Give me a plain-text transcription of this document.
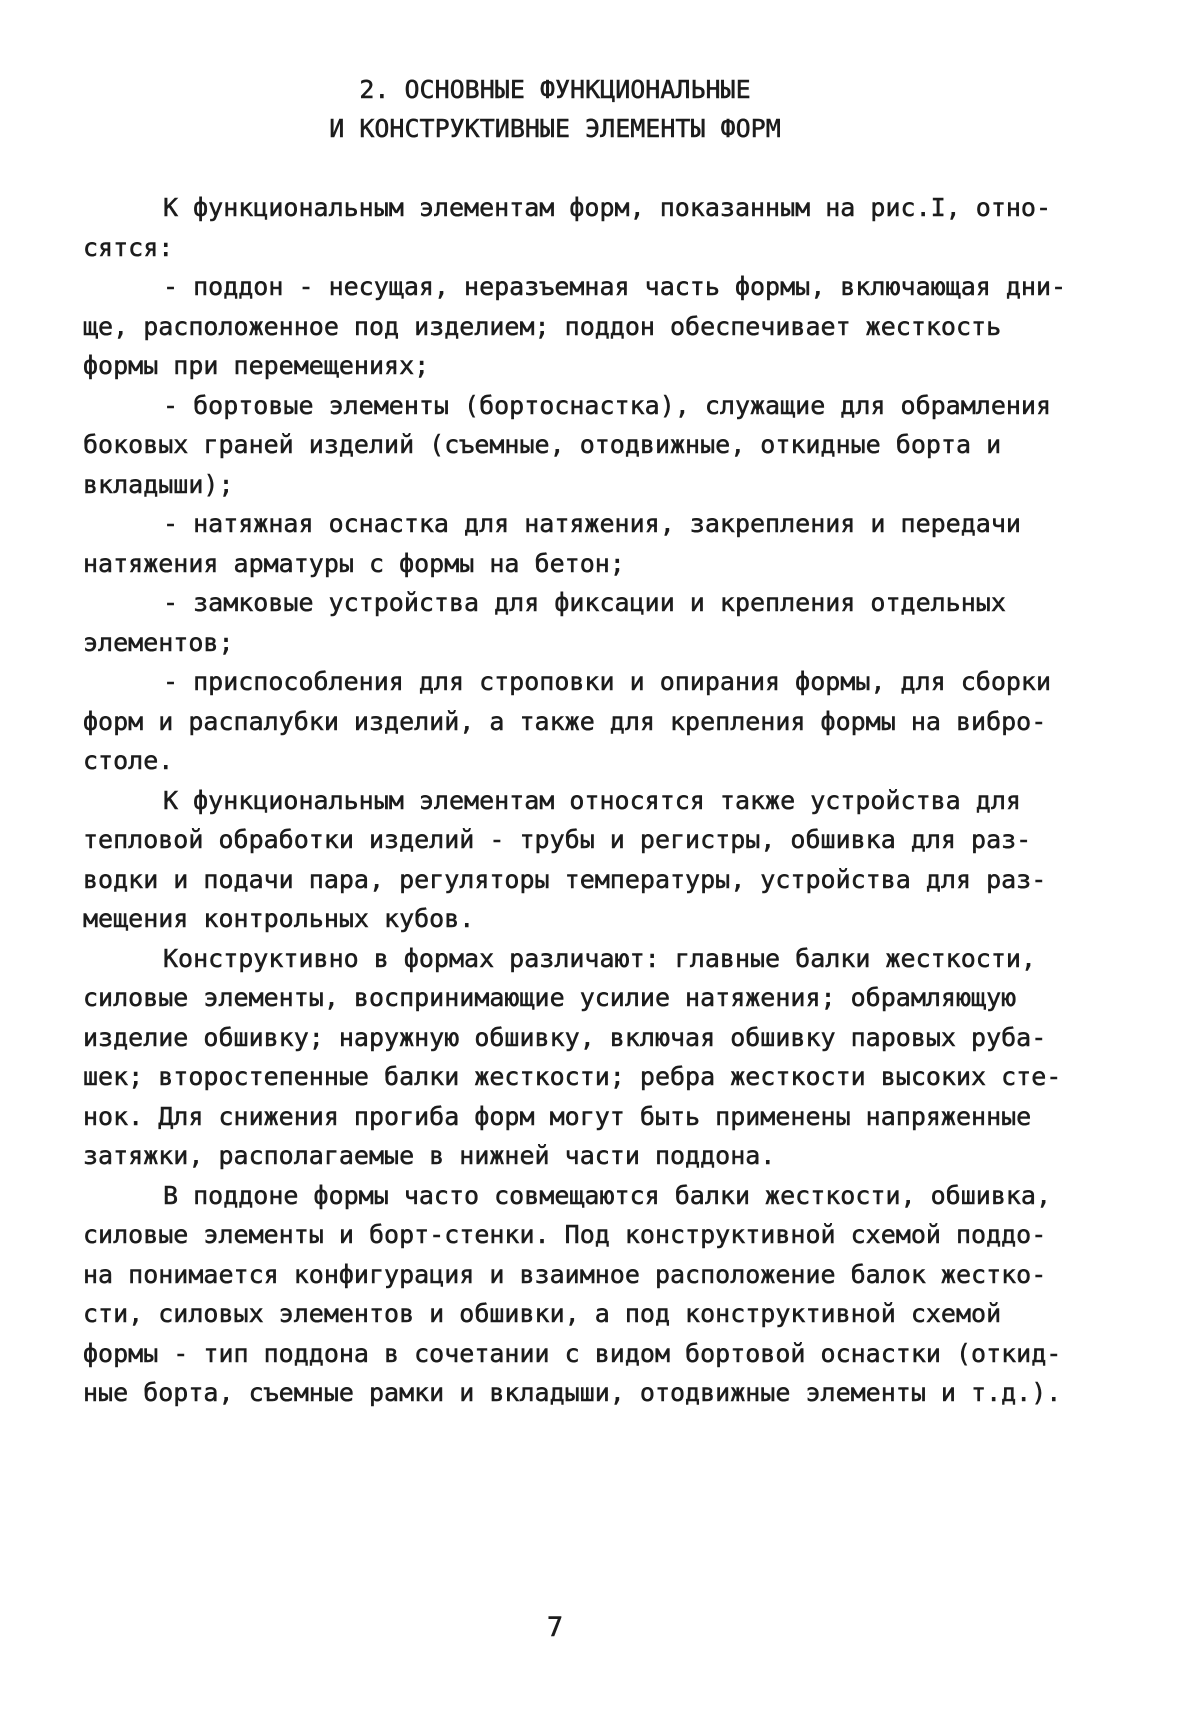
2. ОСНОВНЫЕ ФУНКЦИОНАЛЬНЫЕ
И КОНСТРУКТИВНЫЕ ЭЛЕМЕНТЫ ФОРМ

К функциональным элементам форм, показанным на рис.I, отно-
сятся:

- поддон - несущая, неразъемная часть формы, включающая дни-
ще, расположенное под изделием; поддон обеспечивает жесткость
формы при перемещениях;

- бортовые элементы (бортоснастка), служащие для обрамления
боковых граней изделий (съемные, отодвижные, откидные борта и
вкладыши);

- натяжная оснастка для натяжения, закрепления и передачи
натяжения арматуры с формы на бетон;

- замковые устройства для фиксации и крепления отдельных
элементов;

- приспособления для строповки и опирания формы, для сборки
форм и распалубки изделий, а также для крепления формы на вибро-
столе.

К функциональным элементам относятся также устройства для
тепловой обработки изделий - трубы и регистры, обшивка для раз-
водки и подачи пара, регуляторы температуры, устройства для раз-
мещения контрольных кубов.

Конструктивно в формах различают: главные балки жесткости,
силовые элементы, воспринимающие усилие натяжения; обрамляющую
изделие обшивку; наружную обшивку, включая обшивку паровых руба-
шек; второстепенные балки жесткости; ребра жесткости высоких сте-
нок. Для снижения прогиба форм могут быть применены напряженные
затяжки, располагаемые в нижней части поддона.

В поддоне формы часто совмещаются балки жесткости, обшивка,
силовые элементы и борт-стенки. Под конструктивной схемой поддо-
на понимается конфигурация и взаимное расположение балок жестко-
сти, силовых элементов и обшивки, а под конструктивной схемой
формы - тип поддона в сочетании с видом бортовой оснастки (откид-
ные борта, съемные рамки и вкладыши, отодвижные элементы и т.д.).

7
